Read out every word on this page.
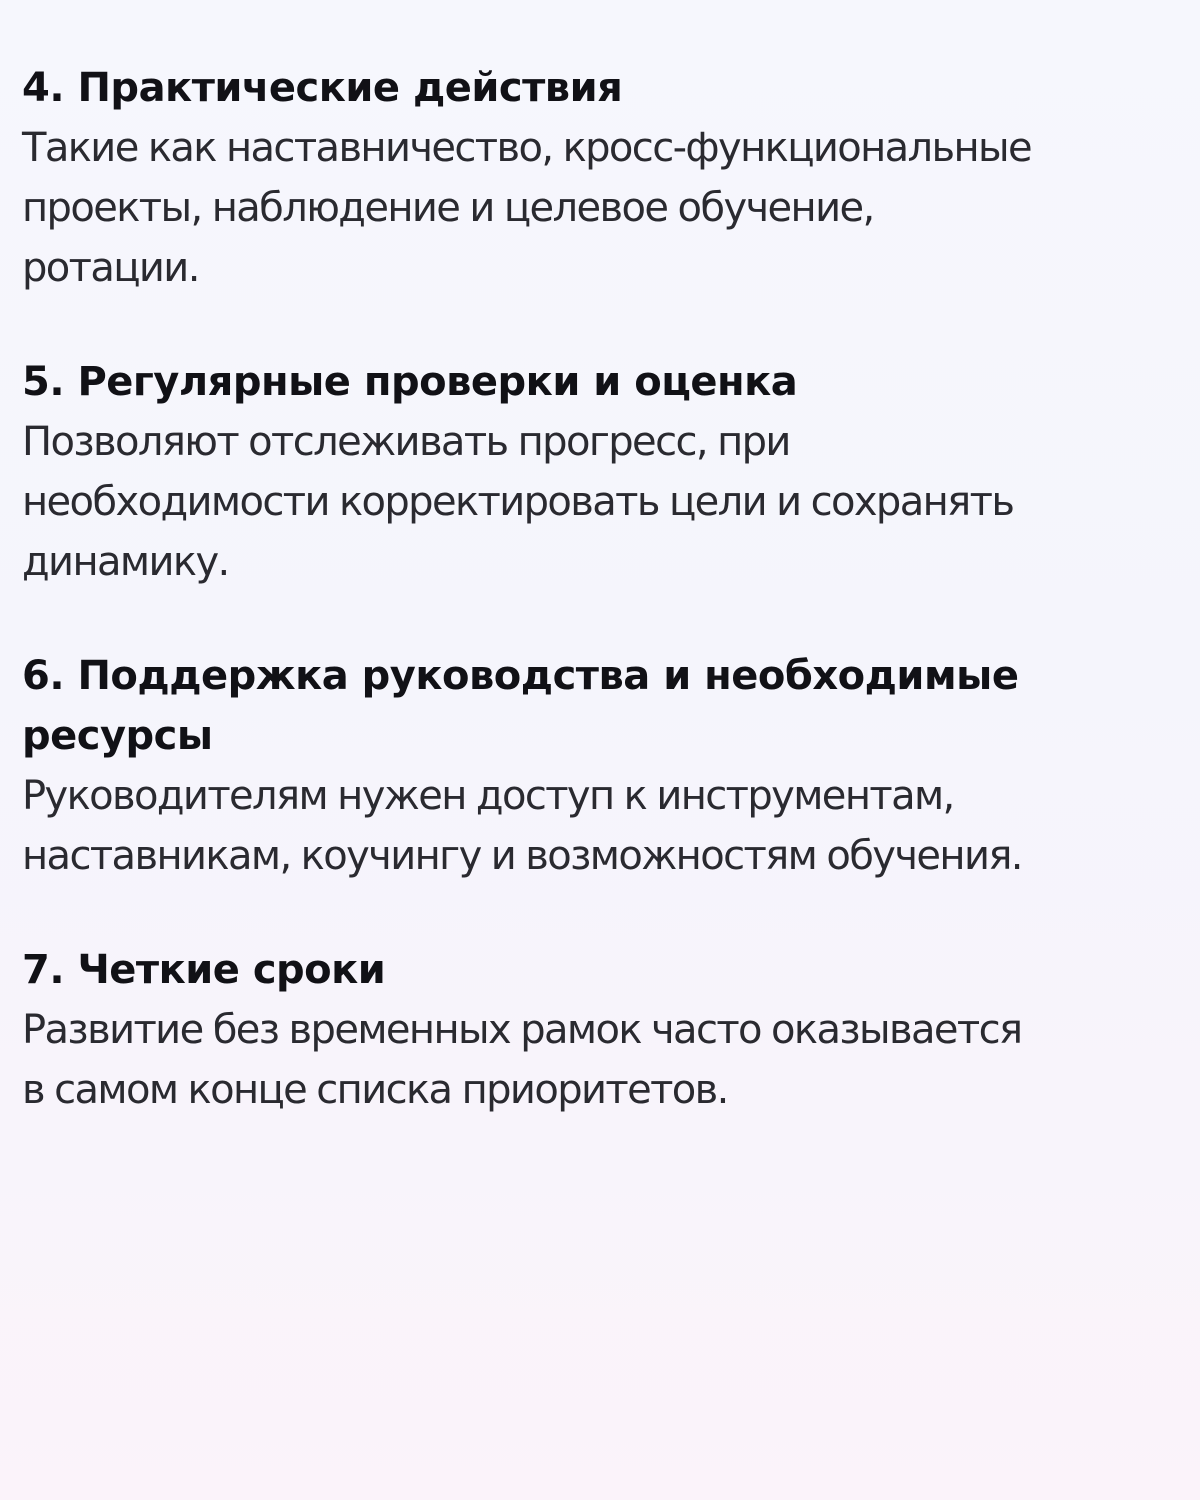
4. Практические действия

Такие как наставничество, кросс-функциональные
проекты, наблюдение и целевое обучение,
ротации.

5. Регулярные проверки и оценка

Позволяют отслеживать прогресс, при
необходимости корректировать цели и сохранять
динамику.

6. Поддержка руководства и необходимые
ресурсы

Руководителям нужен доступ к инструментам,
наставникам, коучингу и возможностям обучения.

7. Четкие сроки

Развитие без временных рамок часто оказывается
в самом конце списка приоритетов.
